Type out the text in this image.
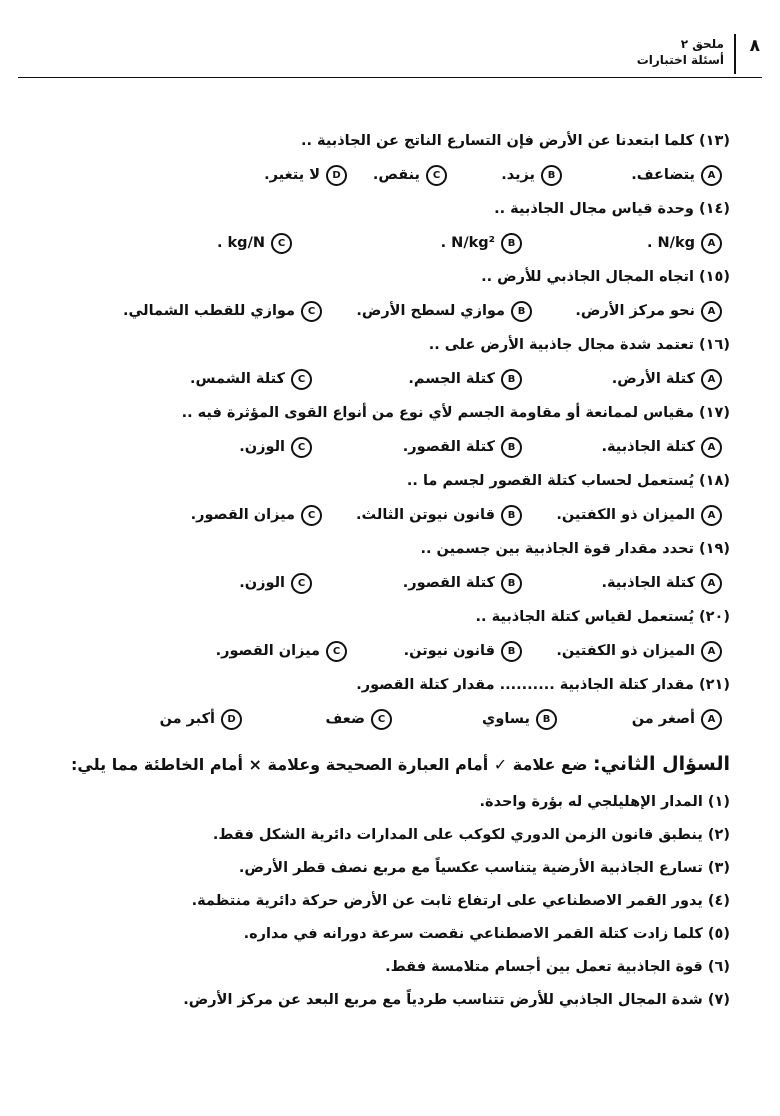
٨
ملحق ٢
أسئلة اختبارات
(١٣) كلما ابتعدنا عن الأرض فإن التسارع الناتج عن الجاذبية ..
A
يتضاعف.
B
يزيد.
C
ينقص.
D
لا يتغير.
(١٤) وحدة قياس مجال الجاذبية ..
A
. N/kg
B
. N/kg²
C
. kg/N
(١٥) اتجاه المجال الجاذبي للأرض ..
A
نحو مركز الأرض.
B
موازي لسطح الأرض.
C
موازي للقطب الشمالي.
(١٦) تعتمد شدة مجال جاذبية الأرض على ..
A
كتلة الأرض.
B
كتلة الجسم.
C
كتلة الشمس.
(١٧) مقياس لممانعة أو مقاومة الجسم لأي نوع من أنواع القوى المؤثرة فيه ..
A
كتلة الجاذبية.
B
كتلة القصور.
C
الوزن.
(١٨) يُستعمل لحساب كتلة القصور لجسم ما ..
A
الميزان ذو الكفتين.
B
قانون نيوتن الثالث.
C
ميزان القصور.
(١٩) تحدد مقدار قوة الجاذبية بين جسمين ..
A
كتلة الجاذبية.
B
كتلة القصور.
C
الوزن.
(٢٠) يُستعمل لقياس كتلة الجاذبية ..
A
الميزان ذو الكفتين.
B
قانون نيوتن.
C
ميزان القصور.
(٢١) مقدار كتلة الجاذبية .......... مقدار كتلة القصور.
A
أصغر من
B
يساوي
C
ضعف
D
أكبر من
السؤال الثاني: ضع علامة ✓ أمام العبارة الصحيحة وعلامة × أمام الخاطئة مما يلي:
(١) المدار الإهليلجي له بؤرة واحدة.
(٢) ينطبق قانون الزمن الدوري لكوكب على المدارات دائرية الشكل فقط.
(٣) تسارع الجاذبية الأرضية يتناسب عكسياً مع مربع نصف قطر الأرض.
(٤) يدور القمر الاصطناعي على ارتفاع ثابت عن الأرض حركة دائرية منتظمة.
(٥) كلما زادت كتلة القمر الاصطناعي نقصت سرعة دورانه في مداره.
(٦) قوة الجاذبية تعمل بين أجسام متلامسة فقط.
(٧) شدة المجال الجاذبي للأرض تتناسب طردياً مع مربع البعد عن مركز الأرض.
